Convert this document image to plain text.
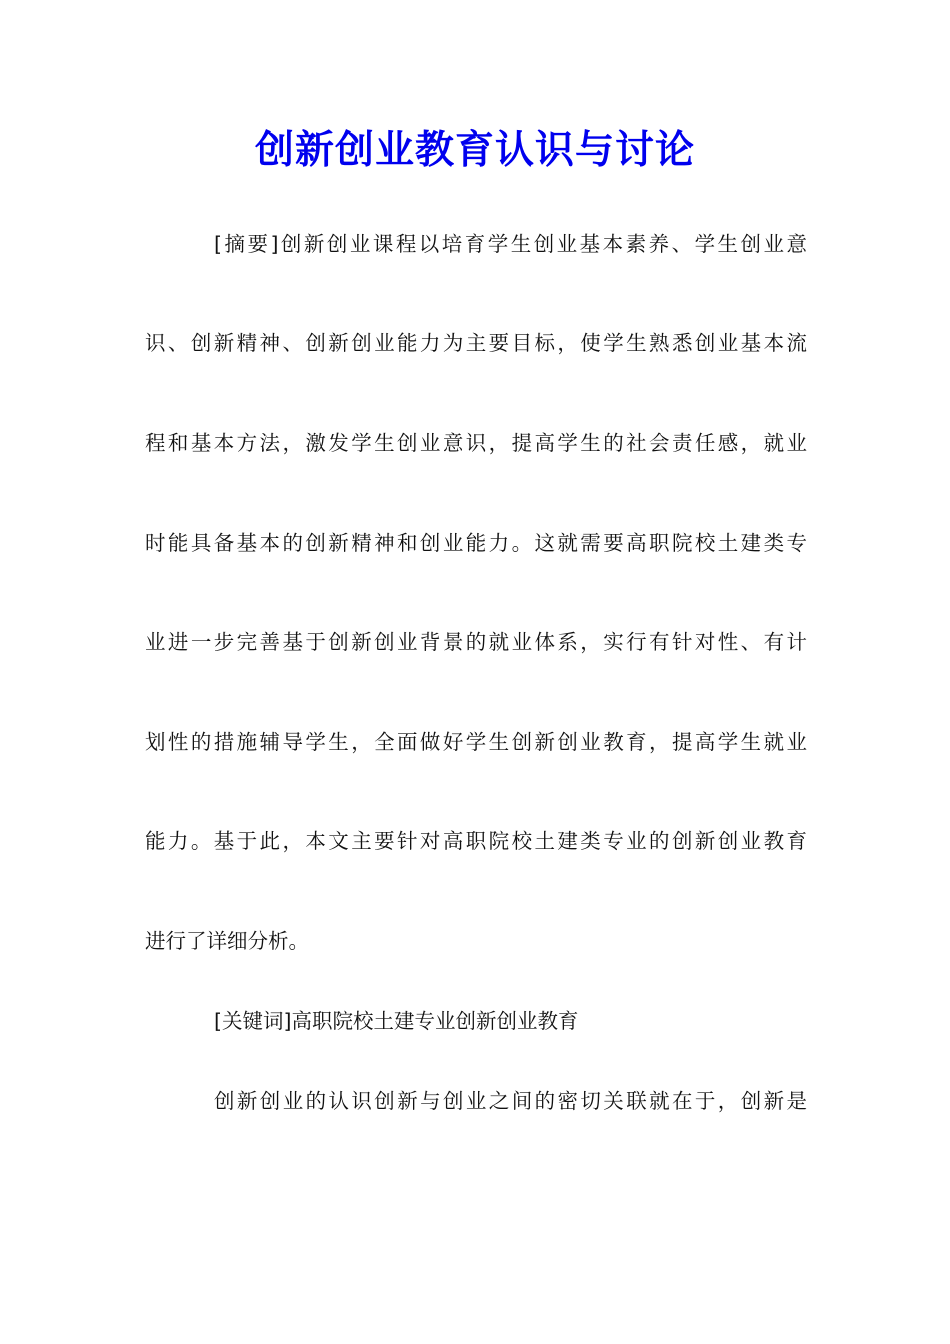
创新创业教育认识与讨论

[摘要]创新创业课程以培育学生创业基本素养、学生创业意

识、创新精神、创新创业能力为主要目标，使学生熟悉创业基本流

程和基本方法，激发学生创业意识，提高学生的社会责任感，就业

时能具备基本的创新精神和创业能力。这就需要高职院校土建类专

业进一步完善基于创新创业背景的就业体系，实行有针对性、有计

划性的措施辅导学生，全面做好学生创新创业教育，提高学生就业

能力。基于此，本文主要针对高职院校土建类专业的创新创业教育

进行了详细分析。

[关键词]高职院校土建专业创新创业教育

创新创业的认识创新与创业之间的密切关联就在于，创新是
